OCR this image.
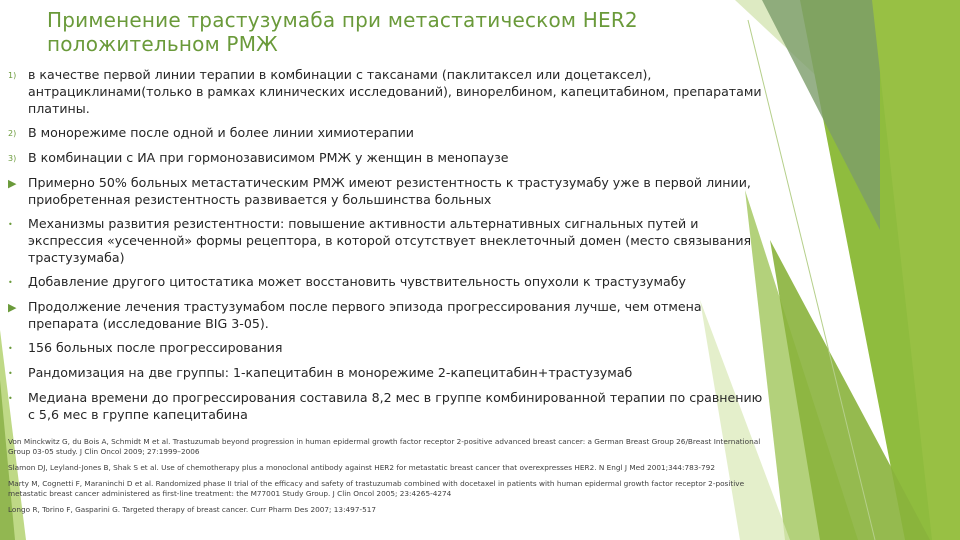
Применение трастузумаба при метастатическом HER2 положительном РМЖ
1) в качестве первой линии терапии в комбинации с таксанами (паклитаксел или доцетаксел), антрациклинами(только в рамках клинических исследований), винорелбином, капецитабином, препаратами платины.
2) В монорежиме после одной и более линии химиотерапии
3) В комбинации с ИА при гормонозависимом РМЖ у женщин в менопаузе
▶ Примерно 50% больных метастатическим РМЖ имеют резистентность к трастузумабу уже в первой линии, приобретенная резистентность развивается у большинства больных
•	Механизмы развития резистентности: повышение активности альтернативных сигнальных путей и экспрессия «усеченной» формы рецептора, в которой отсутствует внеклеточный домен (место связывания трастузумаба)
•	Добавление другого цитостатика может восстановить чувствительность опухоли к трастузумабу
▶ Продолжение лечения трастузумабом после первого эпизода прогрессирования лучше, чем отмена препарата (исследование BIG 3-05).
•	156 больных после прогрессирования
•	Рандомизация на две группы: 1-капецитабин в монорежиме 2-капецитабин+трастузумаб
•	Медиана времени до прогрессирования составила 8,2 мес в группе комбинированной терапии по сравнению с 5,6 мес в группе капецитабина
Von Minckwitz G, du Bois A, Schmidt M et al. Trastuzumab beyond progression in human epidermal growth factor receptor 2-positive advanced breast cancer: a German Breast Group 26/Breast International Group 03-05 study. J Clin Oncol 2009; 27:1999–2006
Slamon DJ, Leyland-Jones B, Shak S et al. Use of chemotherapy plus a monoclonal antibody against HER2 for metastatic breast cancer that overexpresses HER2. N Engl J Med 2001;344:783-792
Marty M, Cognetti F, Maraninchi D et al. Randomized phase II trial of the efficacy and safety of trastuzumab combined with docetaxel in patients with human epidermal growth factor receptor 2-positive metastatic breast cancer administered as first-line treatment: the M77001 Study Group. J Clin Oncol 2005; 23:4265-4274
Longo R, Torino F, Gasparini G. Targeted therapy of breast cancer. Curr Pharm Des 2007; 13:497-517
